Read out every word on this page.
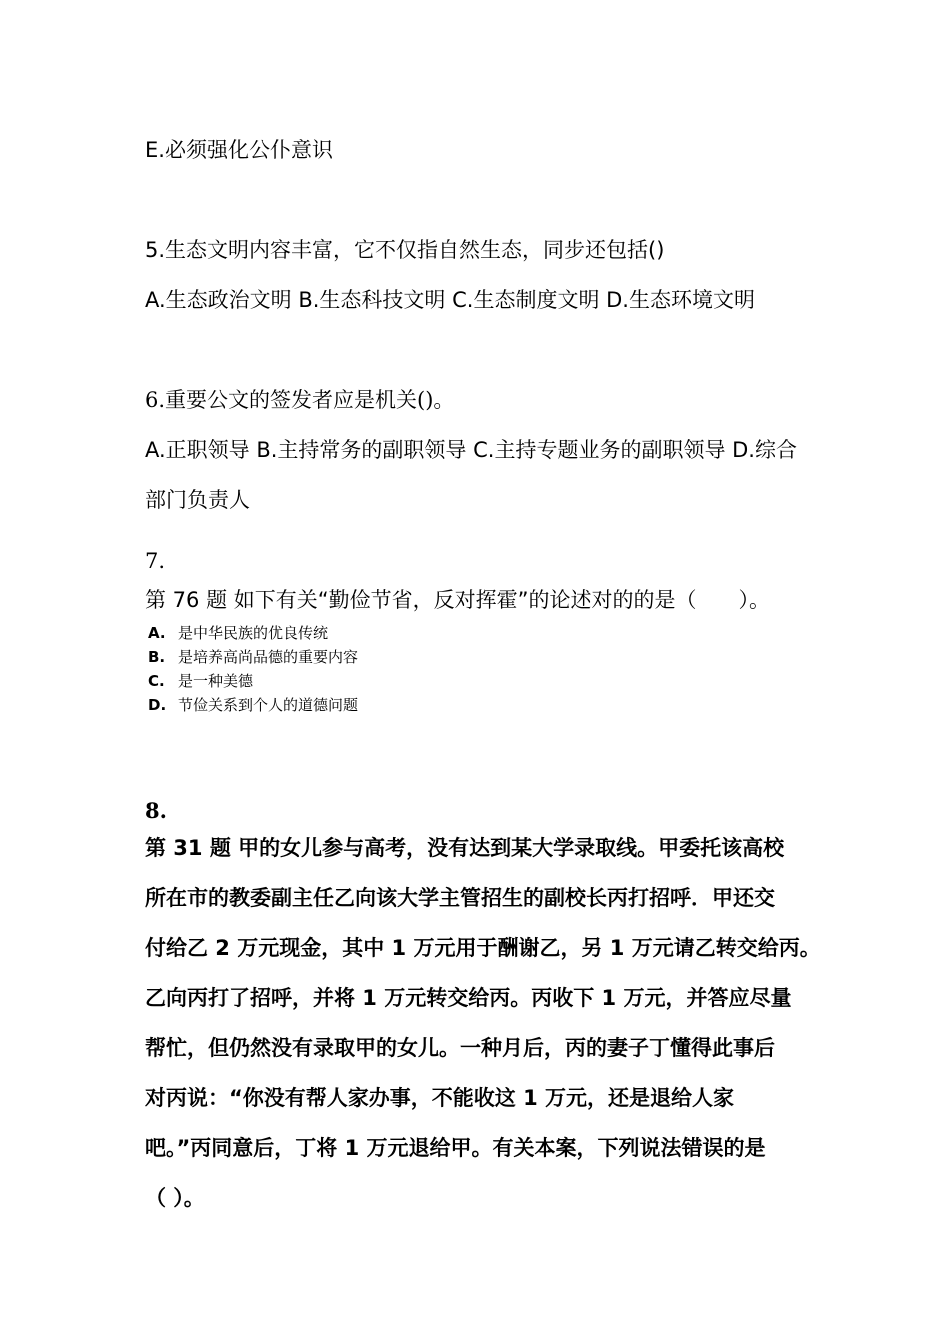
E.必须强化公仆意识
5.生态文明内容丰富，它不仅指自然生态，同步还包括()
A.生态政治文明 B.生态科技文明 C.生态制度文明 D.生态环境文明
6.重要公文的签发者应是机关()。
A.正职领导 B.主持常务的副职领导 C.主持专题业务的副职领导 D.综合
部门负责人
7.
第 76 题 如下有关“勤俭节省，反对挥霍”的论述对的的是（　　）。
A. 是中华民族的优良传统
B. 是培养高尚品德的重要内容
C. 是一种美德
D. 节俭关系到个人的道德问题
8.
第 31 题 甲的女儿参与高考，没有达到某大学录取线。甲委托该高校
所在市的教委副主任乙向该大学主管招生的副校长丙打招呼．甲还交
付给乙 2 万元现金，其中 1 万元用于酬谢乙，另 1 万元请乙转交给丙。
乙向丙打了招呼，并将 1 万元转交给丙。丙收下 1 万元，并答应尽量
帮忙，但仍然没有录取甲的女儿。一种月后，丙的妻子丁懂得此事后
对丙说：“你没有帮人家办事，不能收这 1 万元，还是退给人家
吧。”丙同意后，丁将 1 万元退给甲。有关本案，下列说法错误的是
（ ）。
